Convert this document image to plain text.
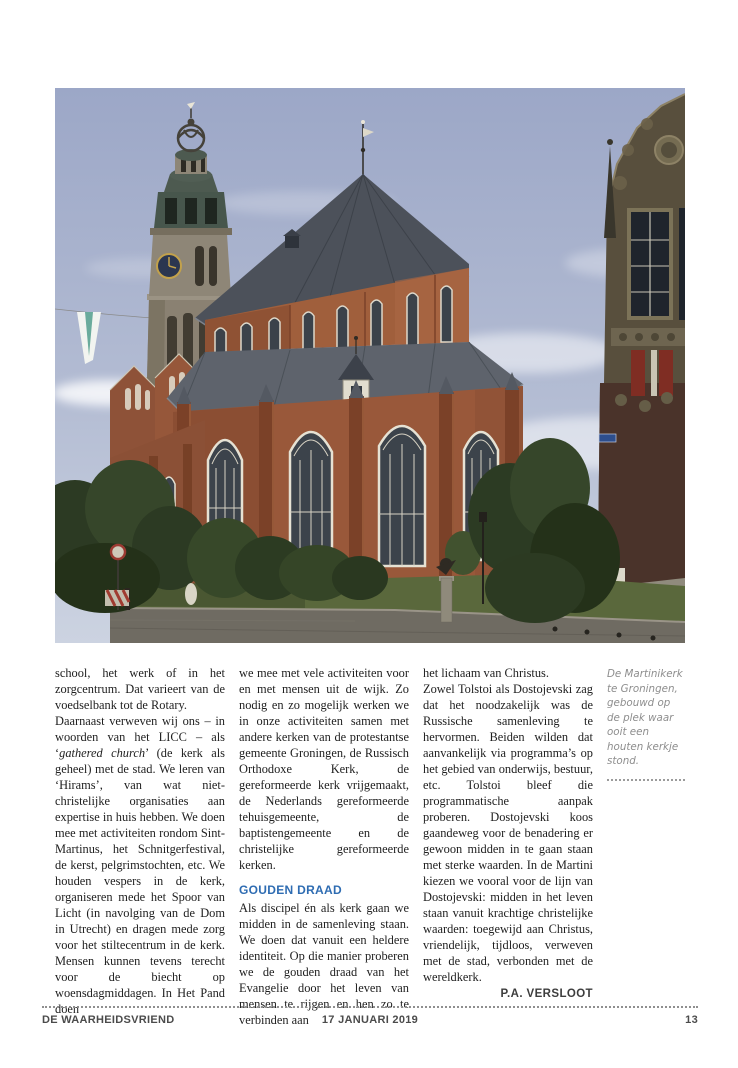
school, het werk of in het zorgcentrum. Dat varieert van de voedselbank tot de Rotary.

Daarnaast verweven wij ons – in woorden van het LICC – als ‘gathered church’ (de kerk als geheel) met de stad. We leren van ‘Hirams’, van wat niet-christelijke organisaties aan expertise in huis hebben. We doen mee met activiteiten rondom Sint-Martinus, het Schnitgerfestival, de kerst, pelgrimstochten, etc. We houden vespers in de kerk, organiseren mede het Spoor van Licht (in navolging van de Dom in Utrecht) en dragen mede zorg voor het stiltecentrum in de kerk. Mensen kunnen tevens terecht voor de biecht op woensdagmiddagen. In Het Pand doen

we mee met vele activiteiten voor en met mensen uit de wijk. Zo nodig en zo mogelijk werken we in onze activiteiten samen met andere kerken van de protestantse gemeente Groningen, de Russisch Orthodoxe Kerk, de gereformeerde kerk vrijgemaakt, de Nederlands gereformeerde tehuisgemeente, de baptistengemeente en de christelijke gereformeerde kerken.

GOUDEN DRAAD

Als discipel én als kerk gaan we midden in de samenleving staan. We doen dat vanuit een heldere identiteit. Op die manier proberen we de gouden draad van het Evangelie door het leven van mensen te rijgen en hen zo te verbinden aan

het lichaam van Christus.

Zowel Tolstoi als Dostojevski zag dat het noodzakelijk was de Russische samenleving te hervormen. Beiden wilden dat aanvankelijk via programma’s op het gebied van onderwijs, bestuur, etc. Tolstoi bleef die programmatische aanpak proberen. Dostojevski koos gaandeweg voor de benadering er gewoon midden in te gaan staan met sterke waarden. In de Martini kiezen we vooral voor de lijn van Dostojevski: midden in het leven staan vanuit krachtige christelijke waarden: toegewijd aan Christus, vriendelijk, tijdloos, verweven met de stad, verbonden met de wereldkerk.

P.A. VERSLOOT

De Martinikerk te Groningen, gebouwd op de plek waar ooit een houten kerkje stond.

DE WAARHEIDSVRIEND	17 JANUARI 2019	13
